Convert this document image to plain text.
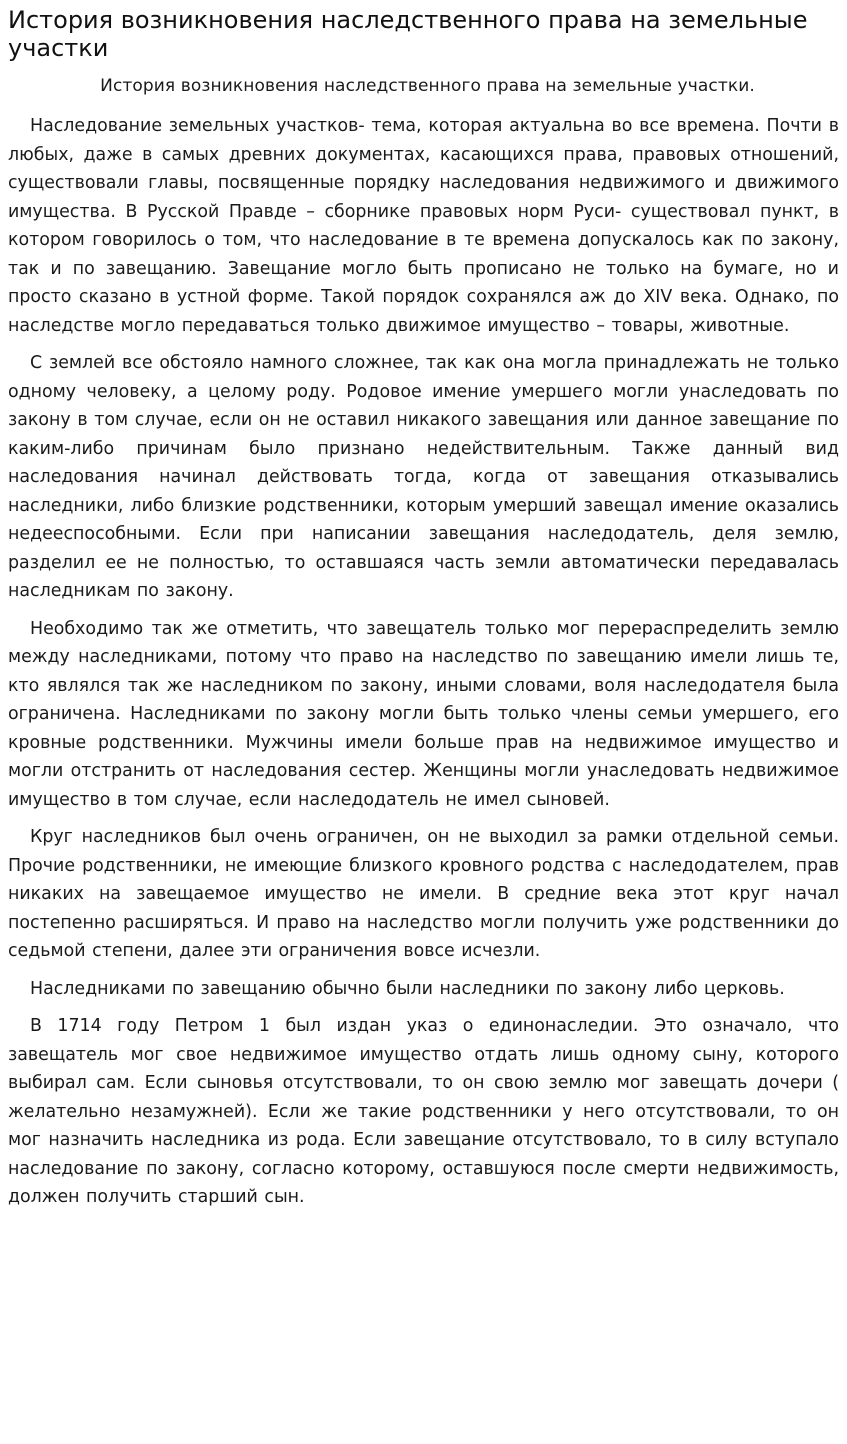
История возникновения наследственного права на земельные участки
История возникновения наследственного права на земельные участки.

Наследование земельных участков- тема, которая актуальна во все времена. Почти в любых, даже в самых древних документах, касающихся права, правовых отношений, существовали главы, посвященные порядку наследования недвижимого и движимого имущества. В Русской Правде – сборнике правовых норм Руси- существовал пункт, в котором говорилось о том, что наследование в те времена допускалось как по закону, так и по завещанию. Завещание могло быть прописано не только на бумаге, но и просто сказано в устной форме. Такой порядок сохранялся аж до XIV века. Однако, по наследстве могло передаваться только движимое имущество – товары, животные.

С землей все обстояло намного сложнее, так как она могла принадлежать не только одному человеку, а целому роду. Родовое имение умершего могли унаследовать по закону в том случае, если он не оставил никакого завещания или данное завещание по каким-либо причинам было признано недействительным. Также данный вид наследования начинал действовать тогда, когда от завещания отказывались наследники, либо близкие родственники, которым умерший завещал имение оказались недееспособными. Если при написании завещания наследодатель, деля землю, разделил ее не полностью, то оставшаяся часть земли автоматически передавалась наследникам по закону.

Необходимо так же отметить, что завещатель только мог перераспределить землю между наследниками, потому что право на наследство по завещанию имели лишь те, кто являлся так же наследником по закону, иными словами, воля наследодателя была ограничена. Наследниками по закону могли быть только члены семьи умершего, его кровные родственники. Мужчины имели больше прав на недвижимое имущество и могли отстранить от наследования сестер. Женщины могли унаследовать недвижимое имущество в том случае, если наследодатель не имел сыновей.

Круг наследников был очень ограничен, он не выходил за рамки отдельной семьи. Прочие родственники, не имеющие близкого кровного родства с наследодателем, прав никаких на завещаемое имущество не имели. В средние века этот круг начал постепенно расширяться. И право на наследство могли получить уже родственники до седьмой степени, далее эти ограничения вовсе исчезли.

Наследниками по завещанию обычно были наследники по закону либо церковь.

В 1714 году Петром 1 был издан указ о единонаследии. Это означало, что завещатель мог свое недвижимое имущество отдать лишь одному сыну, которого выбирал сам. Если сыновья отсутствовали, то он свою землю мог завещать дочери ( желательно незамужней). Если же такие родственники у него отсутствовали, то он мог назначить наследника из рода. Если завещание отсутствовало, то в силу вступало наследование по закону, согласно которому, оставшуюся после смерти недвижимость, должен получить старший сын.
